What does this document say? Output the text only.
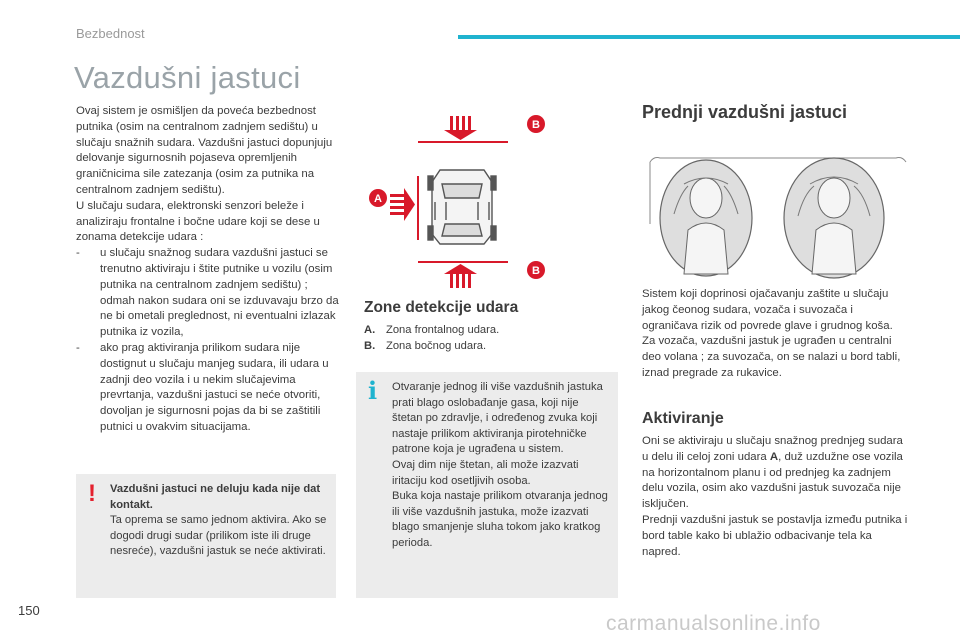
Bezbednost
Vazdušni jastuci

Ovaj sistem je osmišljen da poveća bezbednost putnika (osim na centralnom zadnjem sedištu) u slučaju snažnih sudara. Vazdušni jastuci dopunjuju delovanje sigurnosnih pojaseva opremljenih graničnicima sile zatezanja (osim za putnika na centralnom zadnjem sedištu).

U slučaju sudara, elektronski senzori beleže i analiziraju frontalne i bočne udare koji se dese u zonama detekcije udara :

- u slučaju snažnog sudara vazdušni jastuci se trenutno aktiviraju i štite putnike u vozilu (osim putnika na centralnom zadnjem sedištu) ; odmah nakon sudara oni se izduvavaju brzo da ne bi ometali preglednost, ni eventualni izlazak putnika iz vozila,

- ako prag aktiviranja prilikom sudara nije dostignut u slučaju manjeg sudara, ili udara u zadnji deo vozila i u nekim slučajevima prevrtanja, vazdušni jastuci se neće otvoriti, dovoljan je sigurnosni pojas da bi se zaštitili putnici u ovakvim situacijama.

! Vazdušni jastuci ne deluju kada nije dat kontakt.

Ta oprema se samo jednom aktivira. Ako se dogodi drugi sudar (prilikom iste ili druge nesreće), vazdušni jastuk se neće aktivirati.

B
B
A
Zone detekcije udara

A. Zona frontalnog udara.

B. Zona bočnog udara.

i Otvaranje jednog ili više vazdušnih jastuka prati blago oslobađanje gasa, koji nije štetan po zdravlje, i određenog zvuka koji nastaje prilikom aktiviranja pirotehničke patrone koja je ugrađena u sistem.

Ovaj dim nije štetan, ali može izazvati iritaciju kod osetljivih osoba.

Buka koja nastaje prilikom otvaranja jednog ili više vazdušnih jastuka, može izazvati blago smanjenje sluha tokom jako kratkog perioda.

Prednji vazdušni jastuci

Sistem koji doprinosi ojačavanju zaštite u slučaju jakog čeonog sudara, vozača i suvozača i ograničava rizik od povrede glave i grudnog koša.

Za vozača, vazdušni jastuk je ugrađen u centralni deo volana ; za suvozača, on se nalazi u bord tabli, iznad pregrade za rukavice.

Aktiviranje

Oni se aktiviraju u slučaju snažnog prednjeg sudara u delu ili celoj zoni udara A, duž uzdužne ose vozila na horizontalnom planu i od prednjeg ka zadnjem delu vozila, osim ako vazdušni jastuk suvozača nije isključen.

Prednji vazdušni jastuk se postavlja između putnika i bord table kako bi ublažio odbacivanje tela ka napred.

150
carmanualsonline.info
